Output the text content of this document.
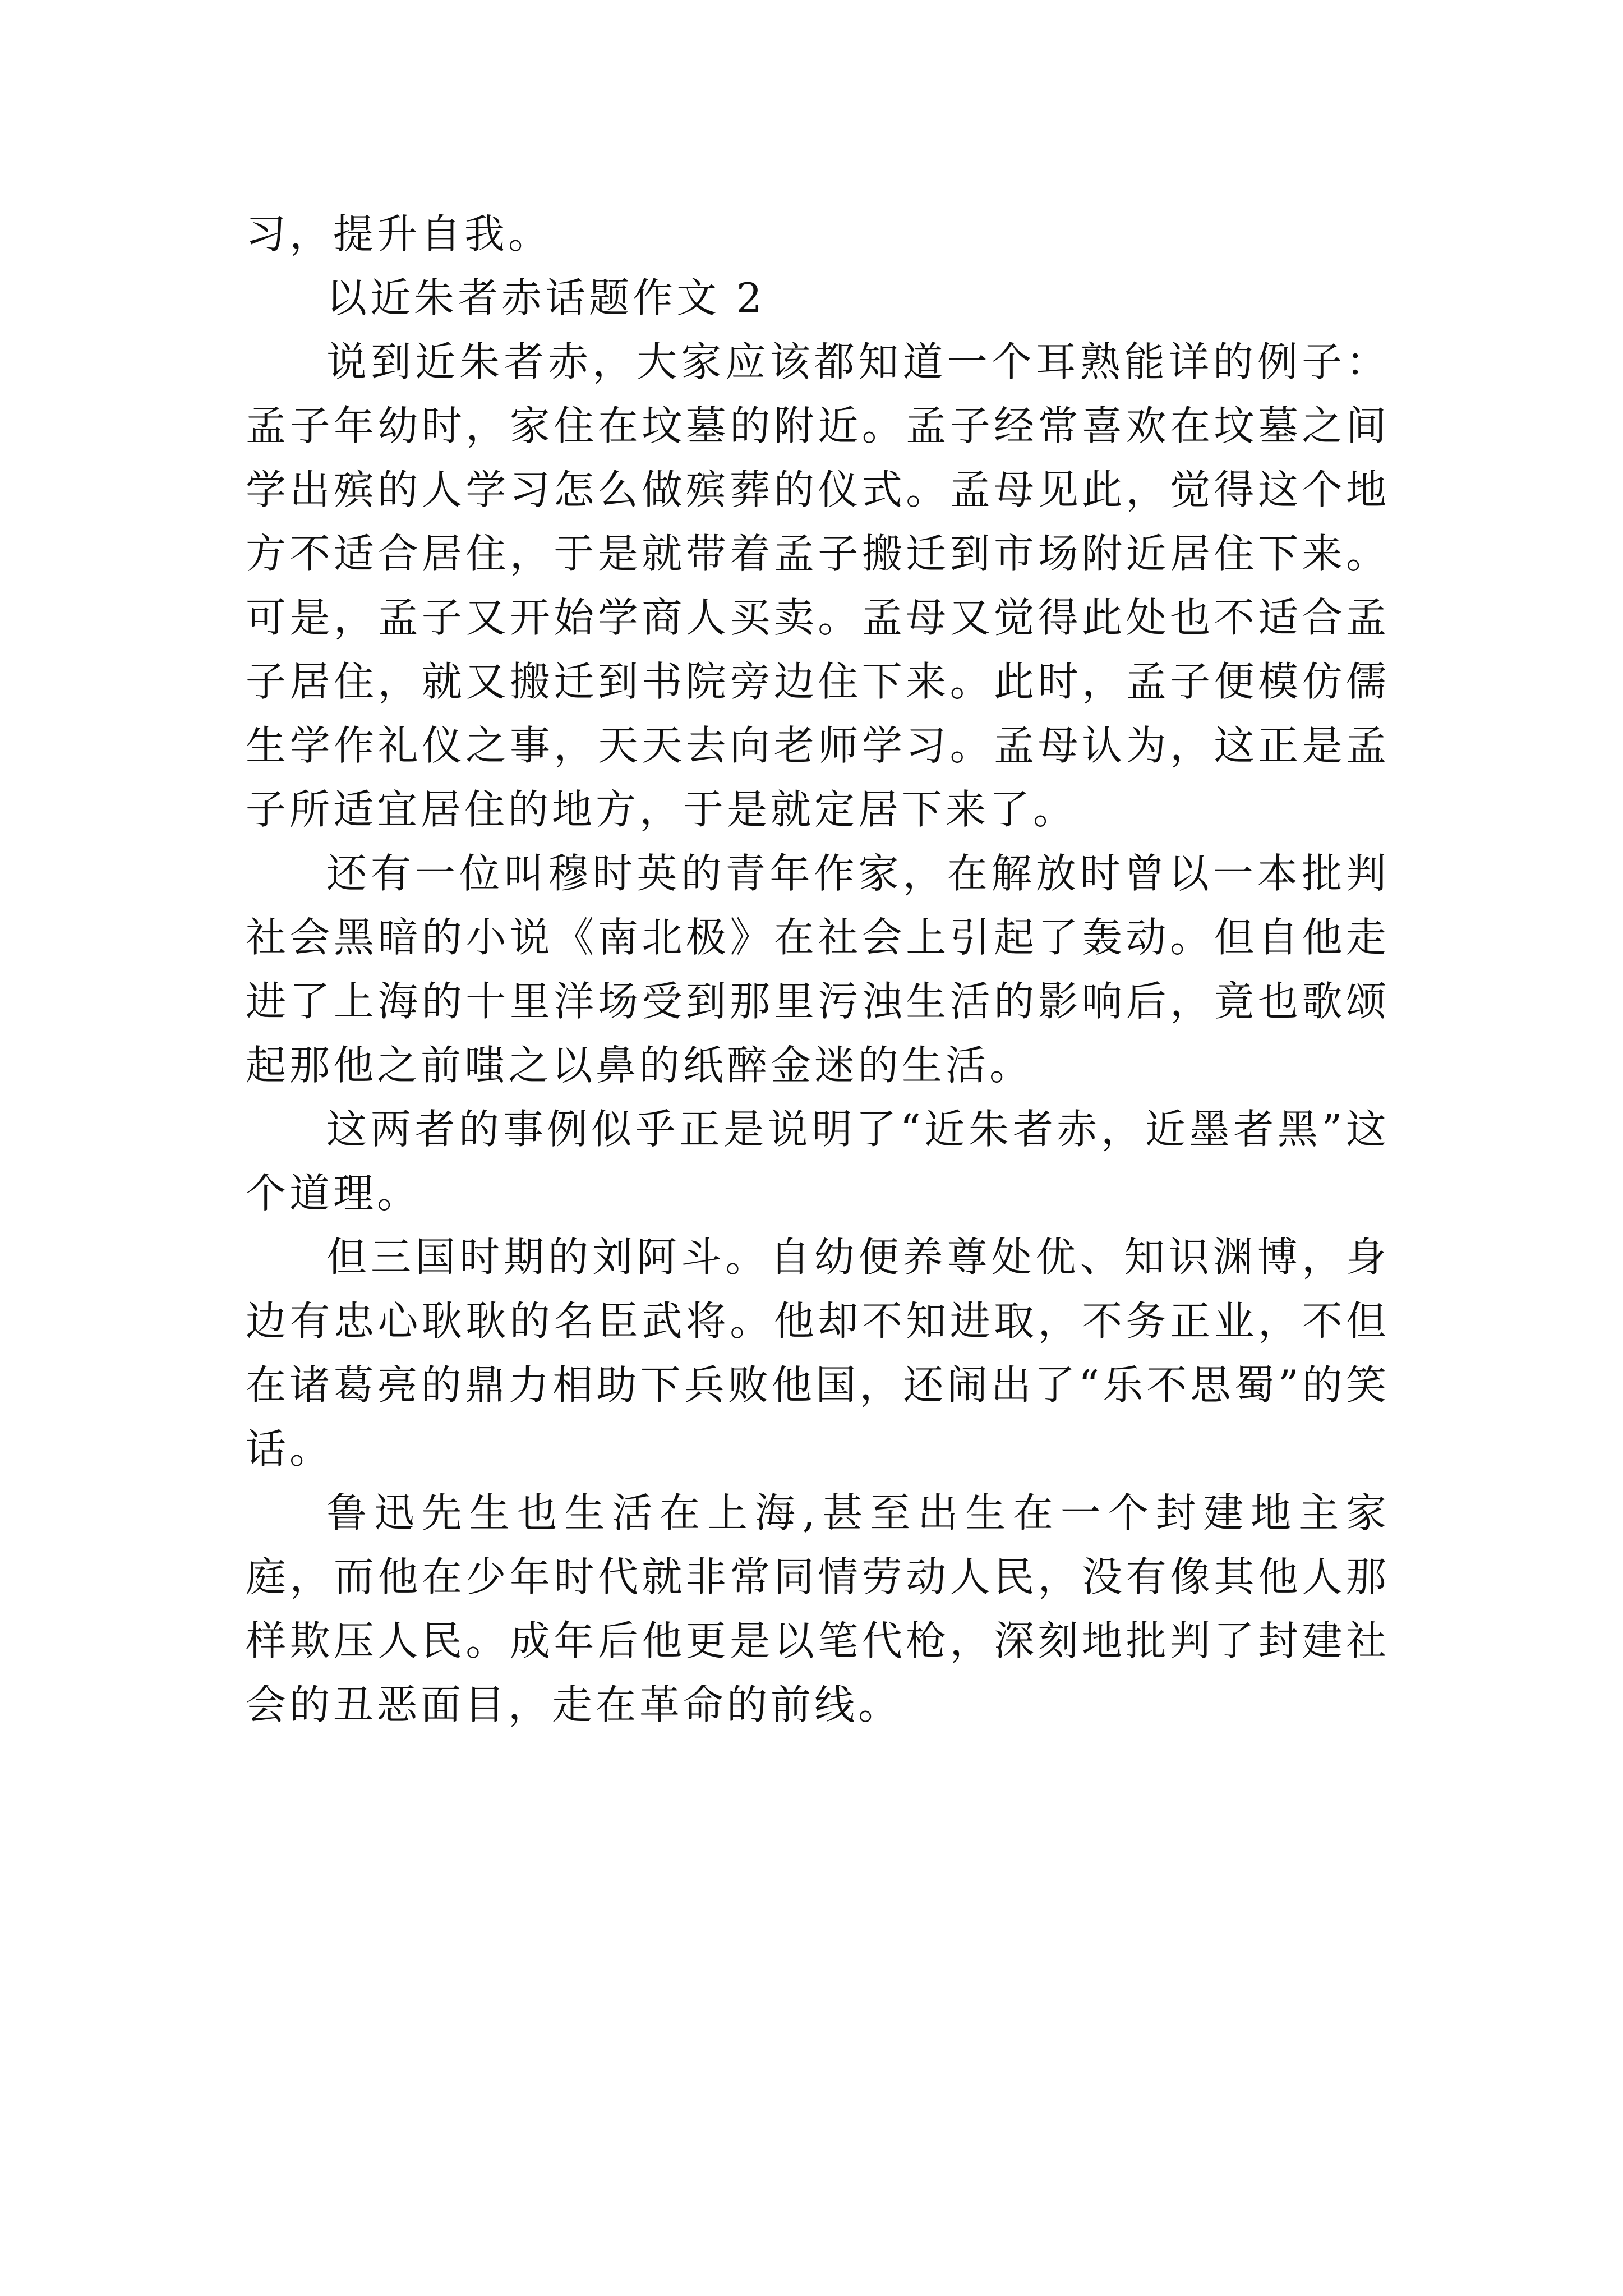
习，提升自我。

以近朱者赤话题作文 2

说到近朱者赤，大家应该都知道一个耳熟能详的例子：孟子年幼时，家住在坟墓的附近。孟子经常喜欢在坟墓之间学出殡的人学习怎么做殡葬的仪式。孟母见此，觉得这个地方不适合居住，于是就带着孟子搬迁到市场附近居住下来。可是，孟子又开始学商人买卖。孟母又觉得此处也不适合孟子居住，就又搬迁到书院旁边住下来。此时，孟子便模仿儒生学作礼仪之事，天天去向老师学习。孟母认为，这正是孟子所适宜居住的地方，于是就定居下来了。

还有一位叫穆时英的青年作家，在解放时曾以一本批判社会黑暗的小说《南北极》在社会上引起了轰动。但自他走进了上海的十里洋场受到那里污浊生活的影响后，竟也歌颂起那他之前嗤之以鼻的纸醉金迷的生活。

这两者的事例似乎正是说明了“近朱者赤，近墨者黑”这个道理。

但三国时期的刘阿斗。自幼便养尊处优、知识渊博，身边有忠心耿耿的名臣武将。他却不知进取，不务正业，不但在诸葛亮的鼎力相助下兵败他国，还闹出了“乐不思蜀”的笑话。

鲁迅先生也生活在上海,甚至出生在一个封建地主家庭，而他在少年时代就非常同情劳动人民，没有像其他人那样欺压人民。成年后他更是以笔代枪，深刻地批判了封建社会的丑恶面目，走在革命的前线。
